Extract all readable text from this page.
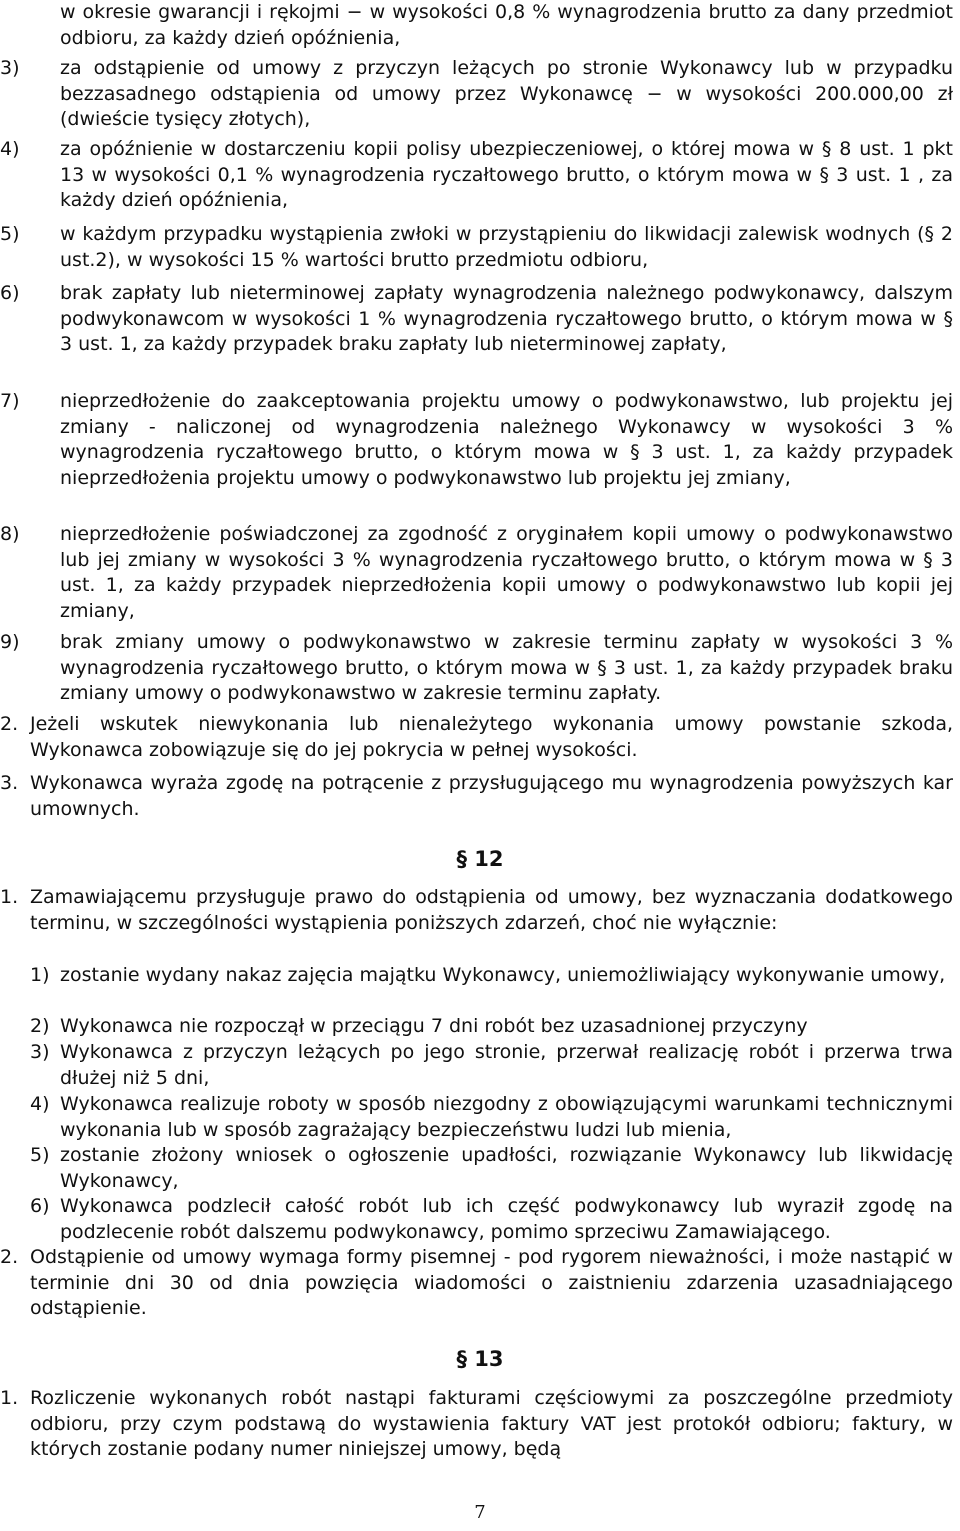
w okresie gwarancji i rękojmi − w wysokości 0,8 % wynagrodzenia brutto za dany przedmiot odbioru, za każdy dzień opóźnienia,
3) za odstąpienie od umowy z przyczyn leżących po stronie Wykonawcy lub w przypadku bezzasadnego odstąpienia od umowy przez Wykonawcę − w wysokości 200.000,00 zł (dwieście tysięcy złotych),
4) za opóźnienie w dostarczeniu kopii polisy ubezpieczeniowej, o której mowa w § 8 ust. 1 pkt 13 w wysokości 0,1 % wynagrodzenia ryczałtowego brutto, o którym mowa w § 3 ust. 1 , za każdy dzień opóźnienia,
5) w każdym przypadku wystąpienia zwłoki w przystąpieniu do likwidacji zalewisk wodnych (§ 2 ust.2), w wysokości 15 % wartości brutto przedmiotu odbioru,
6) brak zapłaty lub nieterminowej zapłaty wynagrodzenia należnego podwykonawcy, dalszym podwykonawcom w wysokości 1 % wynagrodzenia ryczałtowego brutto, o którym mowa w § 3 ust. 1, za każdy przypadek braku zapłaty lub nieterminowej zapłaty,
7) nieprzedłożenie do zaakceptowania projektu umowy o podwykonawstwo, lub projektu jej zmiany - naliczonej od wynagrodzenia należnego Wykonawcy w wysokości 3 % wynagrodzenia ryczałtowego brutto, o którym mowa w § 3 ust. 1, za każdy przypadek nieprzedłożenia projektu umowy o podwykonawstwo lub projektu jej zmiany,
8) nieprzedłożenie poświadczonej za zgodność z oryginałem kopii umowy o podwykonawstwo lub jej zmiany w wysokości 3 % wynagrodzenia ryczałtowego brutto, o którym mowa w § 3 ust. 1, za każdy przypadek nieprzedłożenia kopii umowy o podwykonawstwo lub kopii jej zmiany,
9) brak zmiany umowy o podwykonawstwo w zakresie terminu zapłaty w wysokości 3 % wynagrodzenia ryczałtowego brutto, o którym mowa w § 3 ust. 1, za każdy przypadek braku zmiany umowy o podwykonawstwo w zakresie terminu zapłaty.
2. Jeżeli wskutek niewykonania lub nienależytego wykonania umowy powstanie szkoda, Wykonawca zobowiązuje się do jej pokrycia w pełnej wysokości.
3. Wykonawca wyraża zgodę na potrącenie z przysługującego mu wynagrodzenia powyższych kar umownych.
§ 12
1. Zamawiającemu przysługuje prawo do odstąpienia od umowy, bez wyznaczania dodatkowego terminu, w szczególności wystąpienia poniższych zdarzeń, choć nie wyłącznie:
1) zostanie wydany nakaz zajęcia majątku Wykonawcy, uniemożliwiający wykonywanie umowy,
2) Wykonawca nie rozpoczął w przeciągu 7 dni robót bez uzasadnionej przyczyny
3) Wykonawca z przyczyn leżących po jego stronie, przerwał realizację robót i przerwa trwa dłużej niż 5 dni,
4) Wykonawca realizuje roboty w sposób niezgodny z obowiązującymi warunkami technicznymi wykonania lub w sposób zagrażający bezpieczeństwu ludzi lub mienia,
5) zostanie złożony wniosek o ogłoszenie upadłości, rozwiązanie Wykonawcy lub likwidację Wykonawcy,
6) Wykonawca podzlecił całość robót lub ich część podwykonawcy lub wyraził zgodę na podzlecenie robót dalszemu podwykonawcy, pomimo sprzeciwu Zamawiającego.
2. Odstąpienie od umowy wymaga formy pisemnej - pod rygorem nieważności, i może nastąpić w terminie dni 30 od dnia powzięcia wiadomości o zaistnieniu zdarzenia uzasadniającego odstąpienie.
§ 13
1. Rozliczenie wykonanych robót nastąpi fakturami częściowymi za poszczególne przedmioty odbioru, przy czym podstawą do wystawienia faktury VAT jest protokół odbioru; faktury, w których zostanie podany numer niniejszej umowy, będą
7
